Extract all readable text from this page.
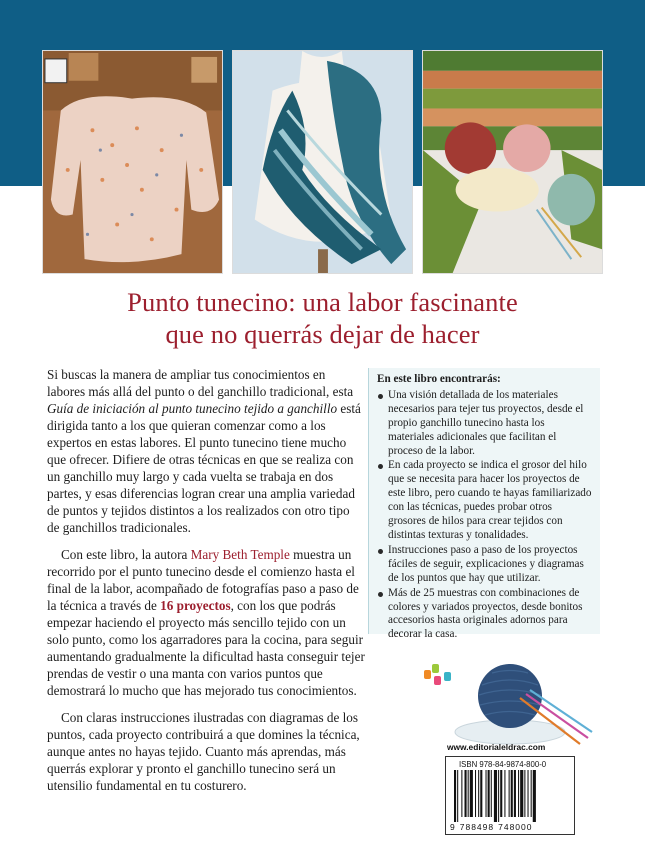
Punto tunecino: una labor fascinante
que no querrás dejar de hacer

Si buscas la manera de ampliar tus conocimientos en labores más allá del punto o del ganchillo tradicional, esta Guía de iniciación al punto tunecino tejido a ganchillo está dirigida tanto a los que quieran comenzar como a los expertos en estas labores. El punto tunecino tiene mucho que ofrecer. Difiere de otras técnicas en que se realiza con un ganchillo muy largo y cada vuelta se trabaja en dos partes, y esas diferencias logran crear una amplia variedad de puntos y tejidos distintos a los realizados con otro tipo de ganchillos tradicionales.

Con este libro, la autora Mary Beth Temple muestra un recorrido por el punto tunecino desde el comienzo hasta el final de la labor, acompañado de fotografías paso a paso de la técnica a través de 16 proyectos, con los que podrás empezar haciendo el proyecto más sencillo tejido con un solo punto, como los agarradores para la cocina, para seguir aumentando gradualmente la dificultad hasta conseguir tejer prendas de vestir o una manta con varios puntos que demostrará lo mucho que has mejorado tus conocimientos.

Con claras instrucciones ilustradas con diagramas de los puntos, cada proyecto contribuirá a que domines la técnica, aunque antes no hayas tejido. Cuanto más aprendas, más querrás explorar y pronto el ganchillo tunecino será un utensilio fundamental en tu costurero.

En este libro encontrarás:
Una visión detallada de los materiales necesarios para tejer tus proyectos, desde el propio ganchillo tunecino hasta los materiales adicionales que facilitan el proceso de la labor.
En cada proyecto se indica el grosor del hilo que se necesita para hacer los proyectos de este libro, pero cuando te hayas familiarizado con las técnicas, puedes probar otros grosores de hilos para crear tejidos con distintas texturas y tonalidades.
Instrucciones paso a paso de los proyectos fáciles de seguir, explicaciones y diagramas de los puntos que hay que utilizar.
Más de 25 muestras con combinaciones de colores y variados proyectos, desde bonitos accesorios hasta originales adornos para decorar la casa.
www.editorialeldrac.com
ISBN 978-84-9874-800-0
9 788498 748000
